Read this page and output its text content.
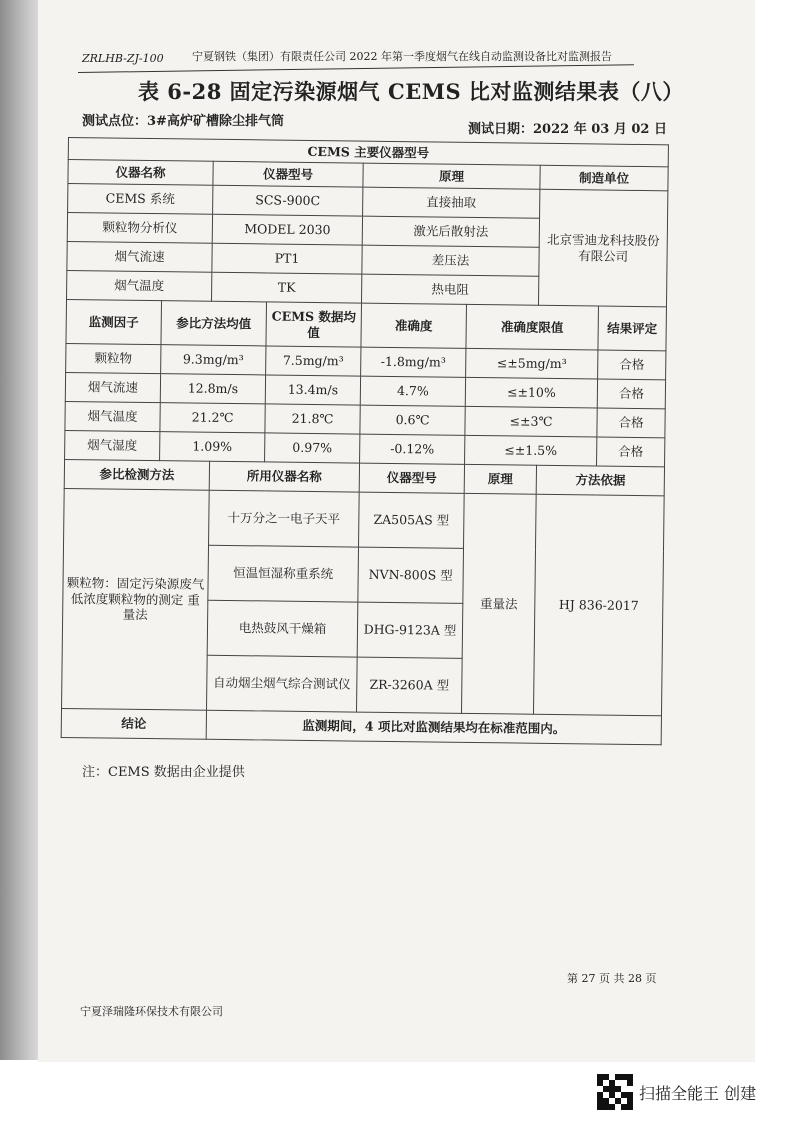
ZRLHB-ZJ-100	宁夏钢铁（集团）有限责任公司 2022 年第一季度烟气在线自动监测设备比对监测报告
表 6-28 固定污染源烟气 CEMS 比对监测结果表（八）
测试点位：3#高炉矿槽除尘排气筒
测试日期：2022 年 03 月 02 日
CEMS 主要仪器型号							
仪器名称		仪器型号		原理		制造单位	
CEMS 系统		SCS-900C		直接抽取		北京雪迪龙科技股份有限公司	
颗粒物分析仪		MODEL 2030		激光后散射法			
烟气流速		PT1		差压法			
烟气温度		TK		热电阻			
监测因子	参比方法均值		CEMS 数据均值	准确度	准确度限值		结果评定
颗粒物	9.3mg/m³		7.5mg/m³	-1.8mg/m³	≤±5mg/m³		合格
烟气流速	12.8m/s		13.4m/s	4.7%	≤±10%		合格
烟气温度	21.2℃		21.8℃	0.6℃	≤±3℃		合格
烟气湿度	1.09%		0.97%	-0.12%	≤±1.5%		合格
参比检测方法		所用仪器名称		仪器型号	原理	方法依据	
颗粒物：固定污染源废气 低浓度颗粒物的测定 重量法		十万分之一电子天平		ZA505AS 型	重量法	HJ 836-2017	
		恒温恒湿称重系统		NVN-800S 型			
		电热鼓风干燥箱		DHG-9123A 型			
		自动烟尘烟气综合测试仪		ZR-3260A 型			
结论		监测期间，4 项比对监测结果均在标准范围内。					
注：CEMS 数据由企业提供
宁夏泽瑞隆环保技术有限公司
第 27 页 共 28 页
扫描全能王 创建
